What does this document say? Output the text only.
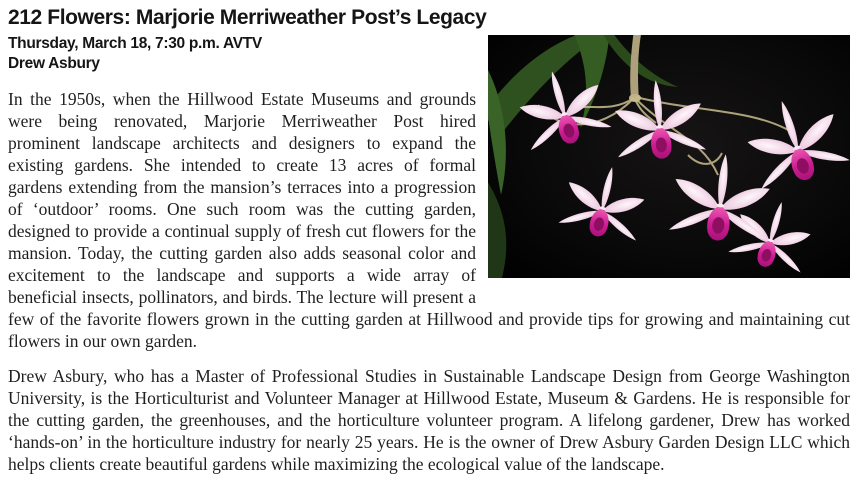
212 Flowers: Marjorie Merriweather Post’s Legacy
Thursday, March 18, 7:30 p.m. AVTV
Drew Asbury

In the 1950s, when the Hillwood Estate Museums and grounds were being renovated, Marjorie Merriweather Post hired prominent landscape architects and designers to expand the existing gardens. She intended to create 13 acres of formal gardens extending from the mansion’s terraces into a progression of ‘outdoor’ rooms. One such room was the cutting garden, designed to provide a continual supply of fresh cut flowers for the mansion. Today, the cutting garden also adds seasonal color and excitement to the landscape and supports a wide array of beneficial insects, pollinators, and birds. The lecture will present a few of the favorite flowers grown in the cutting garden at Hillwood and provide tips for growing and maintaining cut flowers in our own garden.

Drew Asbury, who has a Master of Professional Studies in Sustainable Landscape Design from George Washington University, is the Horticulturist and Volunteer Manager at Hillwood Estate, Museum & Gardens. He is responsible for the cutting garden, the greenhouses, and the horticulture volunteer program. A lifelong gardener, Drew has worked ‘hands-on’ in the horticulture industry for nearly 25 years. He is the owner of Drew Asbury Garden Design LLC which helps clients create beautiful gardens while maximizing the ecological value of the landscape.
